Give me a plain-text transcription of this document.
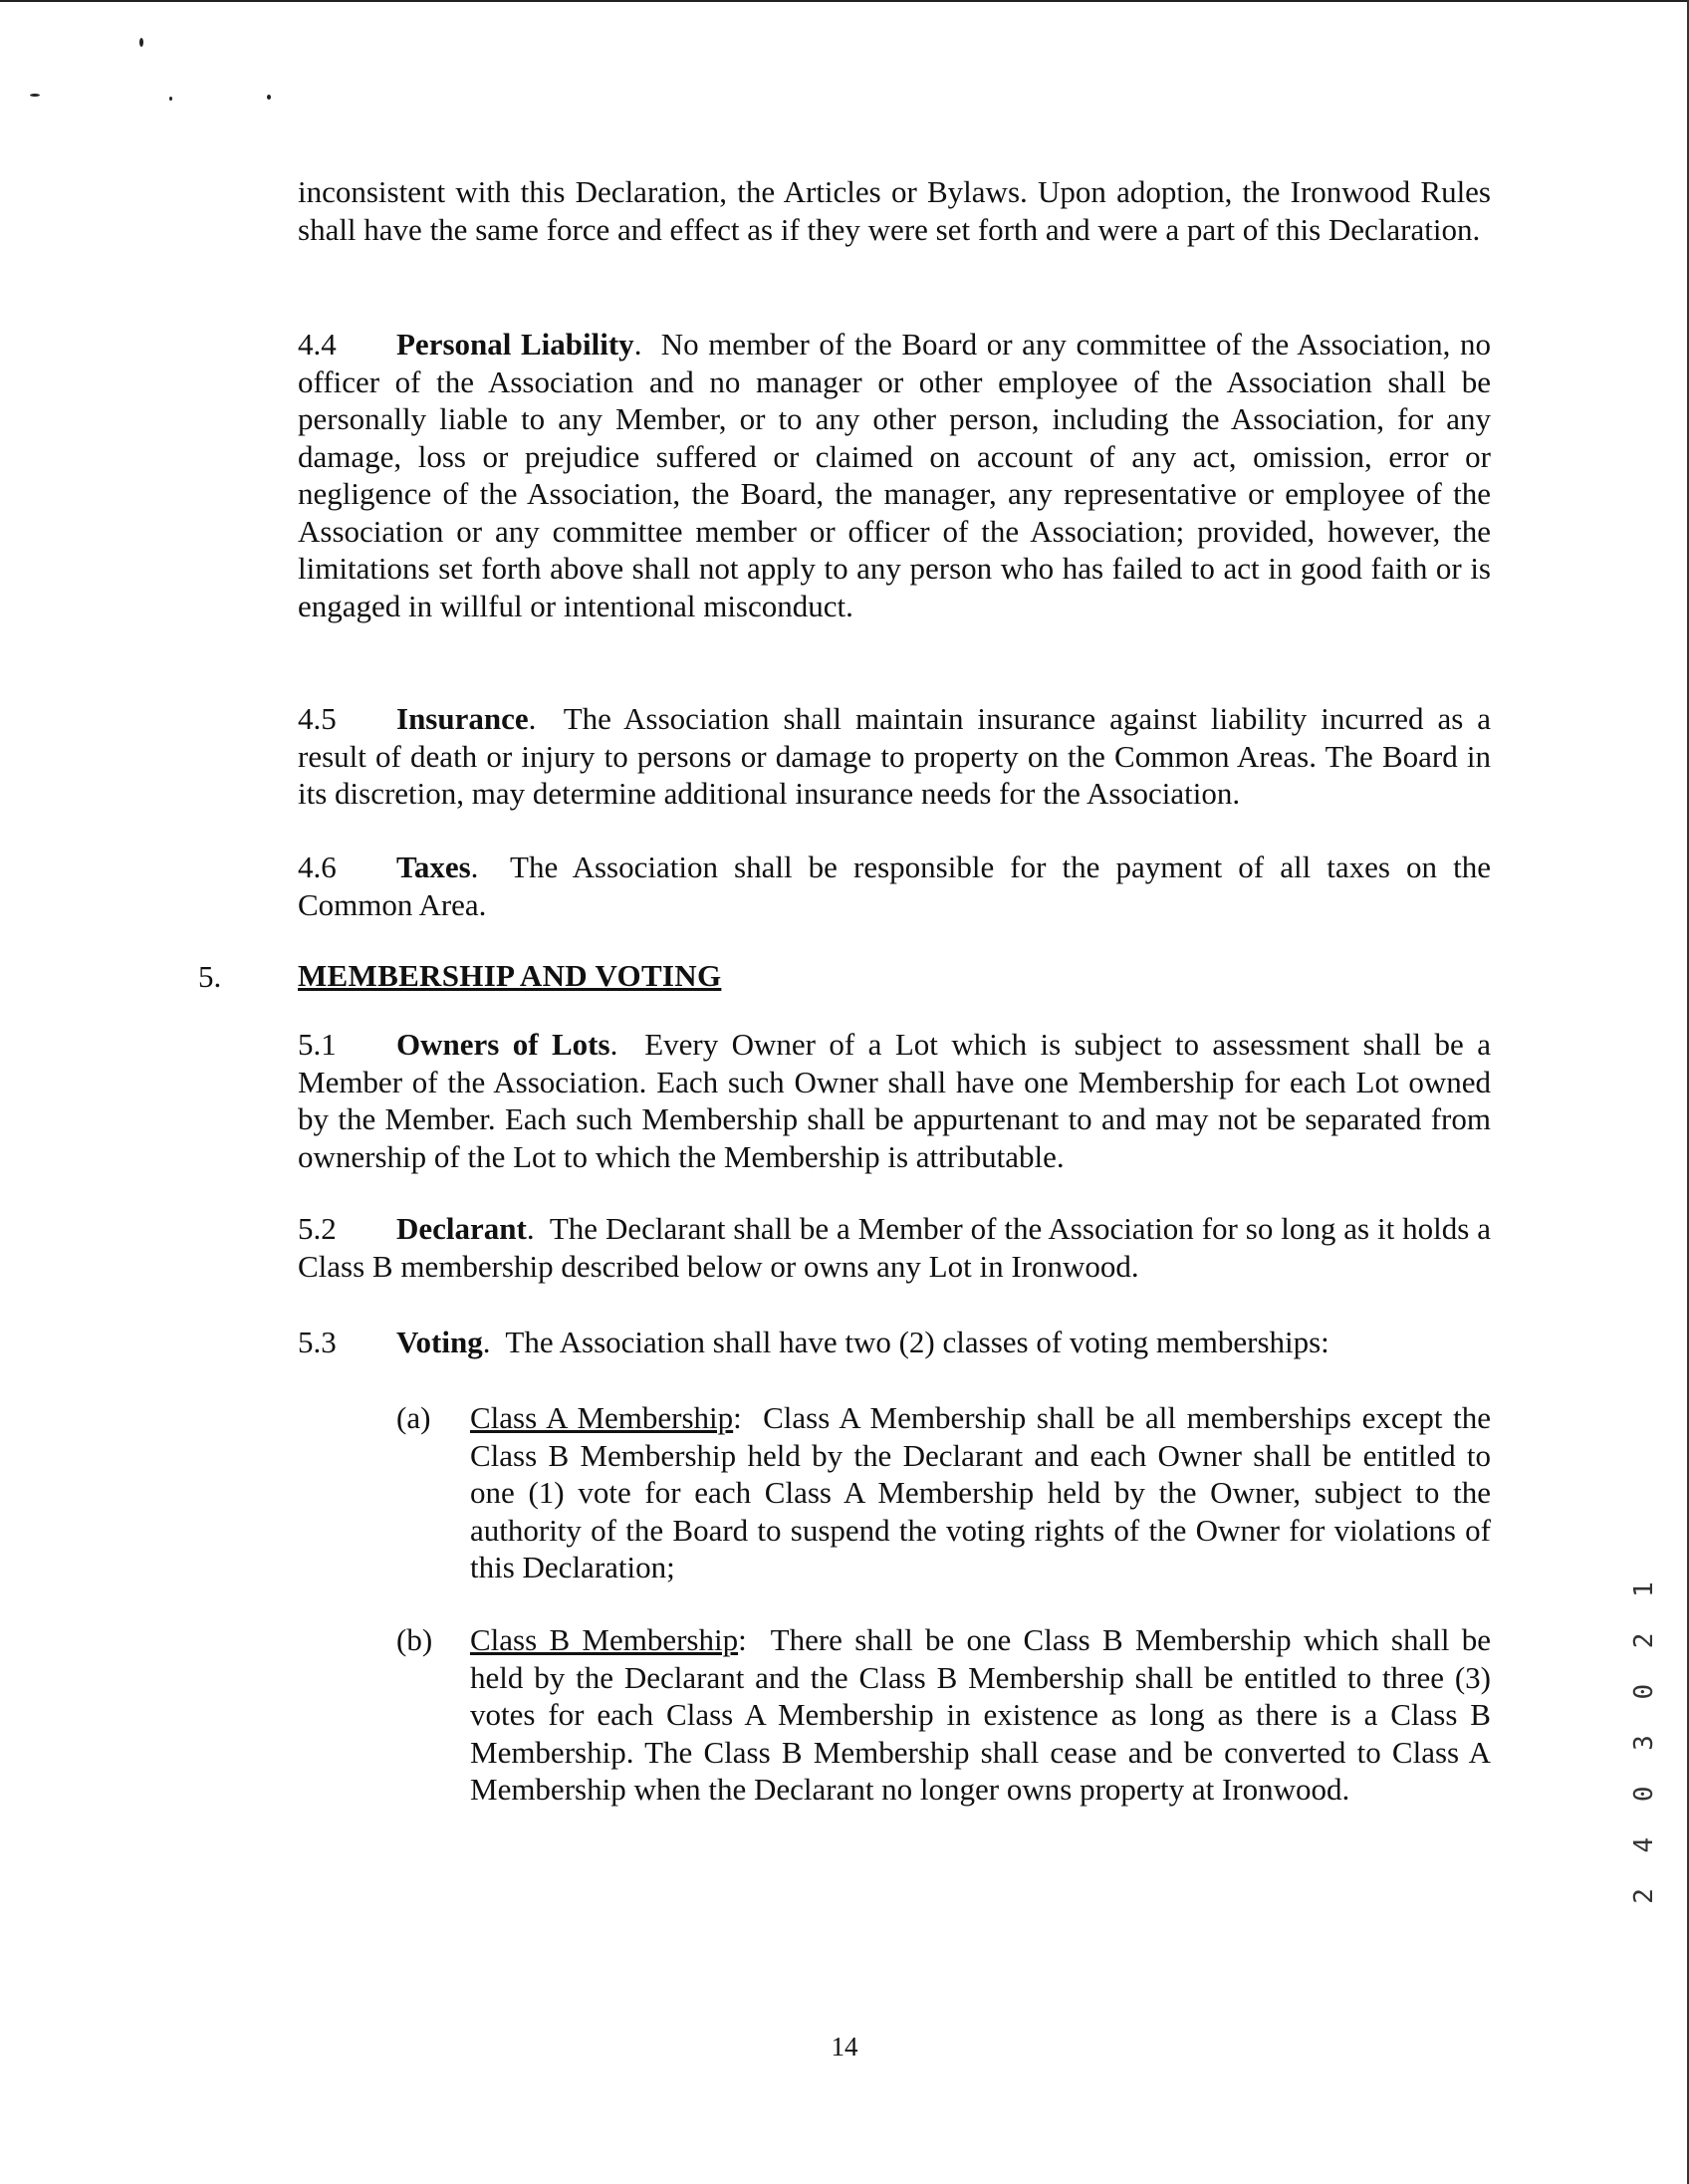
inconsistent with this Declaration, the Articles or Bylaws. Upon adoption, the Ironwood Rules shall have the same force and effect as if they were set forth and were a part of this Declaration.

4.4	Personal Liability.  No member of the Board or any committee of the Association, no officer of the Association and no manager or other employee of the Association shall be personally liable to any Member, or to any other person, including the Association, for any damage, loss or prejudice suffered or claimed on account of any act, omission, error or negligence of the Association, the Board, the manager, any representative or employee of the Association or any committee member or officer of the Association; provided, however, the limitations set forth above shall not apply to any person who has failed to act in good faith or is engaged in willful or intentional misconduct.

4.5	Insurance.  The Association shall maintain insurance against liability incurred as a result of death or injury to persons or damage to property on the Common Areas. The Board in its discretion, may determine additional insurance needs for the Association.

4.6	Taxes.  The Association shall be responsible for the payment of all taxes on the Common Area.

5. MEMBERSHIP AND VOTING
5.1	Owners of Lots.  Every Owner of a Lot which is subject to assessment shall be a Member of the Association. Each such Owner shall have one Membership for each Lot owned by the Member. Each such Membership shall be appurtenant to and may not be separated from ownership of the Lot to which the Membership is attributable.

5.2	Declarant.  The Declarant shall be a Member of the Association for so long as it holds a Class B membership described below or owns any Lot in Ironwood.

5.3	Voting.  The Association shall have two (2) classes of voting memberships:

(a) Class A Membership:  Class A Membership shall be all memberships except the Class B Membership held by the Declarant and each Owner shall be entitled to one (1) vote for each Class A Membership held by the Owner, subject to the authority of the Board to suspend the voting rights of the Owner for violations of this Declaration;

(b) Class B Membership:  There shall be one Class B Membership which shall be held by the Declarant and the Class B Membership shall be entitled to three (3) votes for each Class A Membership in existence as long as there is a Class B Membership. The Class B Membership shall cease and be converted to Class A Membership when the Declarant no longer owns property at Ironwood.	2 4 0 3 0 2 1
14
